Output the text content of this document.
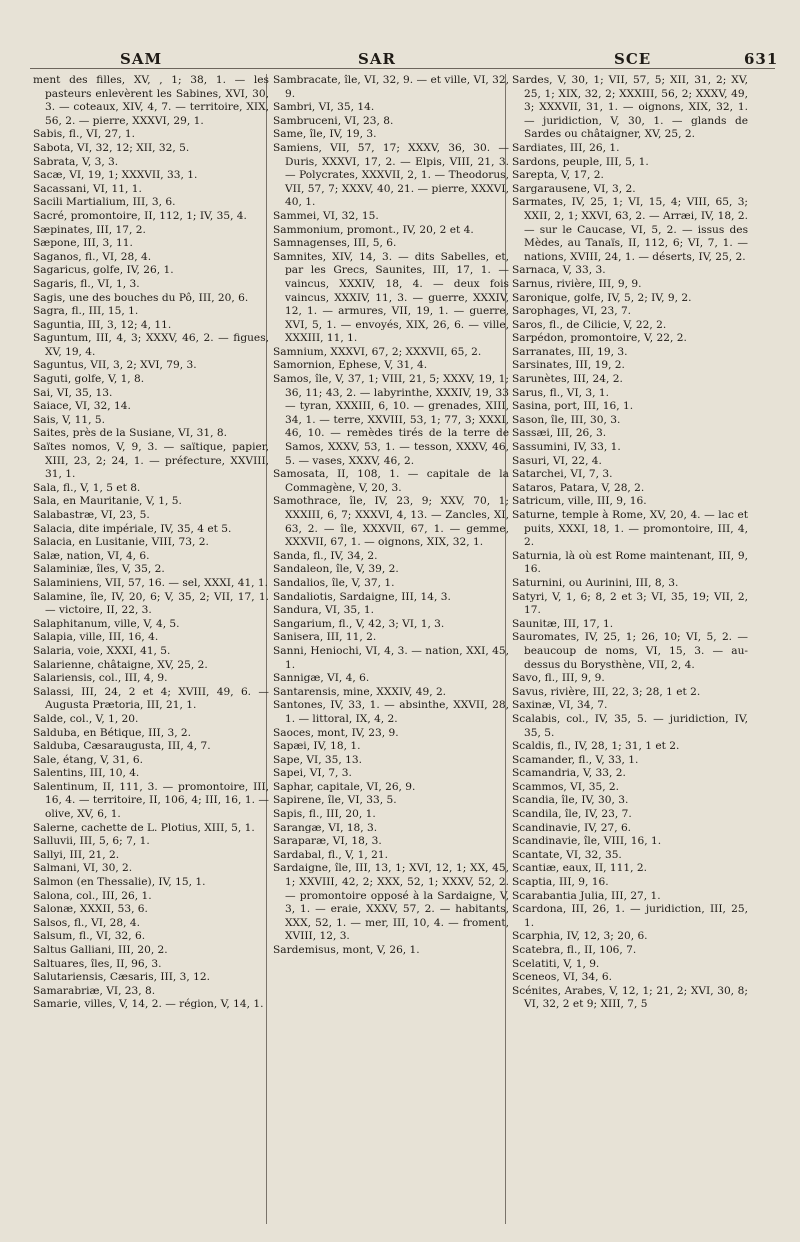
SAM	SAR	SCE	631

ment des filles, XV, , 1; 38, 1. — les pasteurs enlevèrent les Sabines, XVI, 30, 3. — coteaux, XIV, 4, 7. — territoire, XIX, 56, 2. — pierre, XXXVI, 29, 1.

Sabis, fl., VI, 27, 1.

Sabota, VI, 32, 12; XII, 32, 5.

Sabrata, V, 3, 3.

Sacæ, VI, 19, 1; XXXVII, 33, 1.

Sacassani, VI, 11, 1.

Sacili Martialium, III, 3, 6.

Sacré, promontoire, II, 112, 1; IV, 35, 4.

Sæpinates, III, 17, 2.

Sæpone, III, 3, 11.

Saganos, fl., VI, 28, 4.

Sagaricus, golfe, IV, 26, 1.

Sagaris, fl., VI, 1, 3.

Sagis, une des bouches du Pô, III, 20, 6.

Sagra, fl., III, 15, 1.

Saguntia, III, 3, 12; 4, 11.

Saguntum, III, 4, 3; XXXV, 46, 2. — figues, XV, 19, 4.

Saguntus, VII, 3, 2; XVI, 79, 3.

Saguti, golfe, V, 1, 8.

Sai, VI, 35, 13.

Saiace, VI, 32, 14.

Sais, V, 11, 5.

Saites, près de la Susiane, VI, 31, 8.

Saïtes nomos, V, 9, 3. — saïtique, papier, XIII, 23, 2; 24, 1. — préfecture, XXVIII, 31, 1.

Sala, fl., V, 1, 5 et 8.

Sala, en Mauritanie, V, 1, 5.

Salabastræ, VI, 23, 5.

Salacia, dite impériale, IV, 35, 4 et 5.

Salacia, en Lusitanie, VIII, 73, 2.

Salæ, nation, VI, 4, 6.

Salaminiæ, îles, V, 35, 2.

Salaminiens, VII, 57, 16. — sel, XXXI, 41, 1.

Salamine, île, IV, 20, 6; V, 35, 2; VII, 17, 1. — victoire, II, 22, 3.

Salaphitanum, ville, V, 4, 5.

Salapia, ville, III, 16, 4.

Salaria, voie, XXXI, 41, 5.

Salarienne, châtaigne, XV, 25, 2.

Salariensis, col., III, 4, 9.

Salassi, III, 24, 2 et 4; XVIII, 49, 6. — Augusta Prætoria, III, 21, 1.

Salde, col., V, 1, 20.

Salduba, en Bétique, III, 3, 2.

Salduba, Cæsaraugusta, III, 4, 7.

Sale, étang, V, 31, 6.

Salentins, III, 10, 4.

Salentinum, II, 111, 3. — promontoire, III, 16, 4. — territoire, II, 106, 4; III, 16, 1. — olive, XV, 6, 1.

Salerne, cachette de L. Plotius, XIII, 5, 1.

Salluvii, III, 5, 6; 7, 1.

Sallyi, III, 21, 2.

Salmani, VI, 30, 2.

Salmon (en Thessalie), IV, 15, 1.

Salona, col., III, 26, 1.

Salonæ, XXXII, 53, 6.

Salsos, fl., VI, 28, 4.

Salsum, fl., VI, 32, 6.

Saltus Galliani, III, 20, 2.

Saltuares, îles, II, 96, 3.

Salutariensis, Cæsaris, III, 3, 12.

Samarabriæ, VI, 23, 8.

Samarie, villes, V, 14, 2. — région, V, 14, 1.

Sambracate, île, VI, 32, 9. — et ville, VI, 32, 9.

Sambri, VI, 35, 14.

Sambruceni, VI, 23, 8.

Same, île, IV, 19, 3.

Samiens, VII, 57, 17; XXXV, 36, 30. — Duris, XXXVI, 17, 2. — Elpis, VIII, 21, 3. — Polycrates, XXXVII, 2, 1. — Theodorus, VII, 57, 7; XXXV, 40, 21. — pierre, XXXVI, 40, 1.

Sammei, VI, 32, 15.

Sammonium, promont., IV, 20, 2 et 4.

Samnagenses, III, 5, 6.

Samnites, XIV, 14, 3. — dits Sabelles, et, par les Grecs, Saunites, III, 17, 1. — vaincus, XXXIV, 18, 4. — deux fois vaincus, XXXIV, 11, 3. — guerre, XXXIV, 12, 1. — armures, VII, 19, 1. — guerre, XVI, 5, 1. — envoyés, XIX, 26, 6. — ville, XXXIII, 11, 1.

Samnium, XXXVI, 67, 2; XXXVII, 65, 2.

Samornion, Ephese, V, 31, 4.

Samos, île, V, 37, 1; VIII, 21, 5; XXXV, 19, 1; 36, 11; 43, 2. — labyrinthe, XXXIV, 19, 33 — tyran, XXXIII, 6, 10. — grenades, XIII, 34, 1. — terre, XXVIII, 53, 1; 77, 3; XXXI, 46, 10. — remèdes tirés de la terre de Samos, XXXV, 53, 1. — tesson, XXXV, 46, 5. — vases, XXXV, 46, 2.

Samosata, II, 108, 1. — capitale de la Commagène, V, 20, 3.

Samothrace, île, IV, 23, 9; XXV, 70, 1; XXXIII, 6, 7; XXXVI, 4, 13. — Zancles, XI, 63, 2. — île, XXXVII, 67, 1. — gemme, XXXVII, 67, 1. — oignons, XIX, 32, 1.

Sanda, fl., IV, 34, 2.

Sandaleon, île, V, 39, 2.

Sandalios, île, V, 37, 1.

Sandaliotis, Sardaigne, III, 14, 3.

Sandura, VI, 35, 1.

Sangarium, fl., V, 42, 3; VI, 1, 3.

Sanisera, III, 11, 2.

Sanni, Heniochi, VI, 4, 3. — nation, XXI, 45, 1.

Sannigæ, VI, 4, 6.

Santarensis, mine, XXXIV, 49, 2.

Santones, IV, 33, 1. — absinthe, XXVII, 28, 1. — littoral, IX, 4, 2.

Saoces, mont, IV, 23, 9.

Sapæi, IV, 18, 1.

Sape, VI, 35, 13.

Sapei, VI, 7, 3.

Saphar, capitale, VI, 26, 9.

Sapirene, île, VI, 33, 5.

Sapis, fl., III, 20, 1.

Sarangæ, VI, 18, 3.

Saraparæ, VI, 18, 3.

Sardabal, fl., V, 1, 21.

Sardaigne, île, III, 13, 1; XVI, 12, 1; XX, 45, 1; XXVIII, 42, 2; XXX, 52, 1; XXXV, 52, 2. — promontoire opposé à la Sardaigne, V, 3, 1. — eraie, XXXV, 57, 2. — habitants, XXX, 52, 1. — mer, III, 10, 4. — froment, XVIII, 12, 3.

Sardemisus, mont, V, 26, 1.

Sardes, V, 30, 1; VII, 57, 5; XII, 31, 2; XV, 25, 1; XIX, 32, 2; XXXIII, 56, 2; XXXV, 49, 3; XXXVII, 31, 1. — oignons, XIX, 32, 1. — juridiction, V, 30, 1. — glands de Sardes ou châtaigner, XV, 25, 2.

Sardiates, III, 26, 1.

Sardons, peuple, III, 5, 1.

Sarepta, V, 17, 2.

Sargarausene, VI, 3, 2.

Sarmates, IV, 25, 1; VI, 15, 4; VIII, 65, 3; XXII, 2, 1; XXVI, 63, 2. — Arræi, IV, 18, 2. — sur le Caucase, VI, 5, 2. — issus des Mèdes, au Tanaïs, II, 112, 6; VI, 7, 1. — nations, XVIII, 24, 1. — déserts, IV, 25, 2.

Sarnaca, V, 33, 3.

Sarnus, rivière, III, 9, 9.

Saronique, golfe, IV, 5, 2; IV, 9, 2.

Sarophages, VI, 23, 7.

Saros, fl., de Cilicie, V, 22, 2.

Sarpédon, promontoire, V, 22, 2.

Sarranates, III, 19, 3.

Sarsinates, III, 19, 2.

Sarunètes, III, 24, 2.

Sarus, fl., VI, 3, 1.

Sasina, port, III, 16, 1.

Sason, île, III, 30, 3.

Sassæi, III, 26, 3.

Sassumini, IV, 33, 1.

Sasuri, VI, 22, 4.

Satarchei, VI, 7, 3.

Sataros, Patara, V, 28, 2.

Satricum, ville, III, 9, 16.

Saturne, temple à Rome, XV, 20, 4. — lac et puits, XXXI, 18, 1. — promontoire, III, 4, 2.

Saturnia, là où est Rome maintenant, III, 9, 16.

Saturnini, ou Aurinini, III, 8, 3.

Satyri, V, 1, 6; 8, 2 et 3; VI, 35, 19; VII, 2, 17.

Saunitæ, III, 17, 1.

Sauromates, IV, 25, 1; 26, 10; VI, 5, 2. — beaucoup de noms, VI, 15, 3. — au-dessus du Borysthène, VII, 2, 4.

Savo, fl., III, 9, 9.

Savus, rivière, III, 22, 3; 28, 1 et 2.

Saxinæ, VI, 34, 7.

Scalabis, col., IV, 35, 5. — juridiction, IV, 35, 5.

Scaldis, fl., IV, 28, 1; 31, 1 et 2.

Scamander, fl., V, 33, 1.

Scamandria, V, 33, 2.

Scammos, VI, 35, 2.

Scandia, île, IV, 30, 3.

Scandila, île, IV, 23, 7.

Scandinavie, IV, 27, 6.

Scandinavie, île, VIII, 16, 1.

Scantate, VI, 32, 35.

Scantiæ, eaux, II, 111, 2.

Scaptia, III, 9, 16.

Scarabantia Julia, III, 27, 1.

Scardona, III, 26, 1. — juridiction, III, 25, 1.

Scarphia, IV, 12, 3; 20, 6.

Scatebra, fl., II, 106, 7.

Scelatiti, V, 1, 9.

Sceneos, VI, 34, 6.

Scénites, Arabes, V, 12, 1; 21, 2; XVI, 30, 8; VI, 32, 2 et 9; XIII, 7, 5
